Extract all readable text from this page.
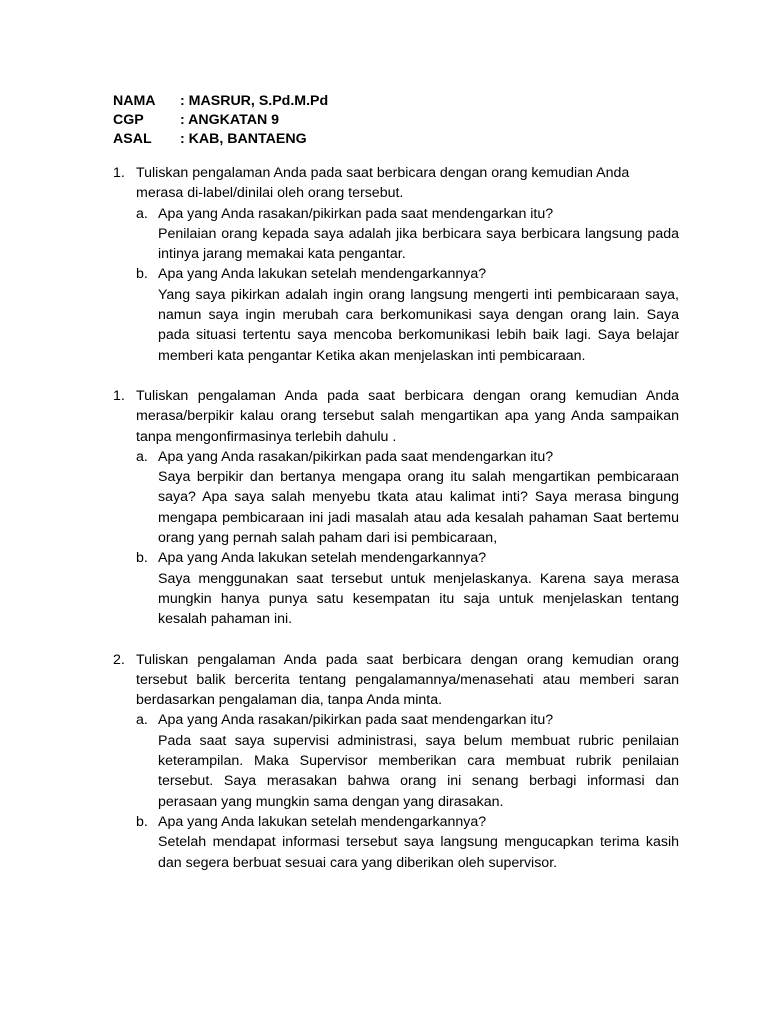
NAMA	: MASRUR, S.Pd.M.Pd
CGP	: ANGKATAN 9
ASAL	: KAB, BANTAENG
1. Tuliskan pengalaman Anda pada saat berbicara dengan orang kemudian Anda merasa di-label/dinilai oleh orang tersebut.
a. Apa yang Anda rasakan/pikirkan pada saat mendengarkan itu?
Penilaian orang kepada saya adalah jika berbicara saya berbicara langsung pada intinya jarang memakai kata pengantar.
b. Apa yang Anda lakukan setelah mendengarkannya?
Yang saya pikirkan adalah ingin orang langsung mengerti inti pembicaraan saya, namun saya ingin merubah cara berkomunikasi saya dengan orang lain. Saya pada situasi tertentu saya mencoba berkomunikasi lebih baik lagi. Saya belajar memberi kata pengantar Ketika akan menjelaskan inti pembicaraan.
1. Tuliskan pengalaman Anda pada saat berbicara dengan orang kemudian Anda merasa/berpikir kalau orang tersebut salah mengartikan apa yang Anda sampaikan tanpa mengonfirmasinya terlebih dahulu .
a. Apa yang Anda rasakan/pikirkan pada saat mendengarkan itu?
Saya berpikir dan bertanya mengapa orang itu salah mengartikan pembicaraan saya? Apa saya salah menyebu tkata atau kalimat inti? Saya merasa bingung mengapa pembicaraan ini jadi masalah atau ada kesalah pahaman Saat bertemu orang yang pernah salah paham dari isi pembicaraan,
b. Apa yang Anda lakukan setelah mendengarkannya?
Saya menggunakan saat tersebut untuk menjelaskanya. Karena saya merasa mungkin hanya punya satu kesempatan itu saja untuk menjelaskan tentang kesalah pahaman ini.
2. Tuliskan pengalaman Anda pada saat berbicara dengan orang kemudian orang tersebut balik bercerita tentang pengalamannya/menasehati atau memberi saran berdasarkan pengalaman dia, tanpa Anda minta.
a. Apa yang Anda rasakan/pikirkan pada saat mendengarkan itu?
Pada saat saya supervisi administrasi, saya belum membuat rubric penilaian keterampilan. Maka Supervisor memberikan cara membuat rubrik penilaian tersebut. Saya merasakan bahwa orang ini senang berbagi informasi dan perasaan yang mungkin sama dengan yang dirasakan.
b. Apa yang Anda lakukan setelah mendengarkannya?
Setelah mendapat informasi tersebut saya langsung mengucapkan terima kasih dan segera berbuat sesuai cara yang diberikan oleh supervisor.
